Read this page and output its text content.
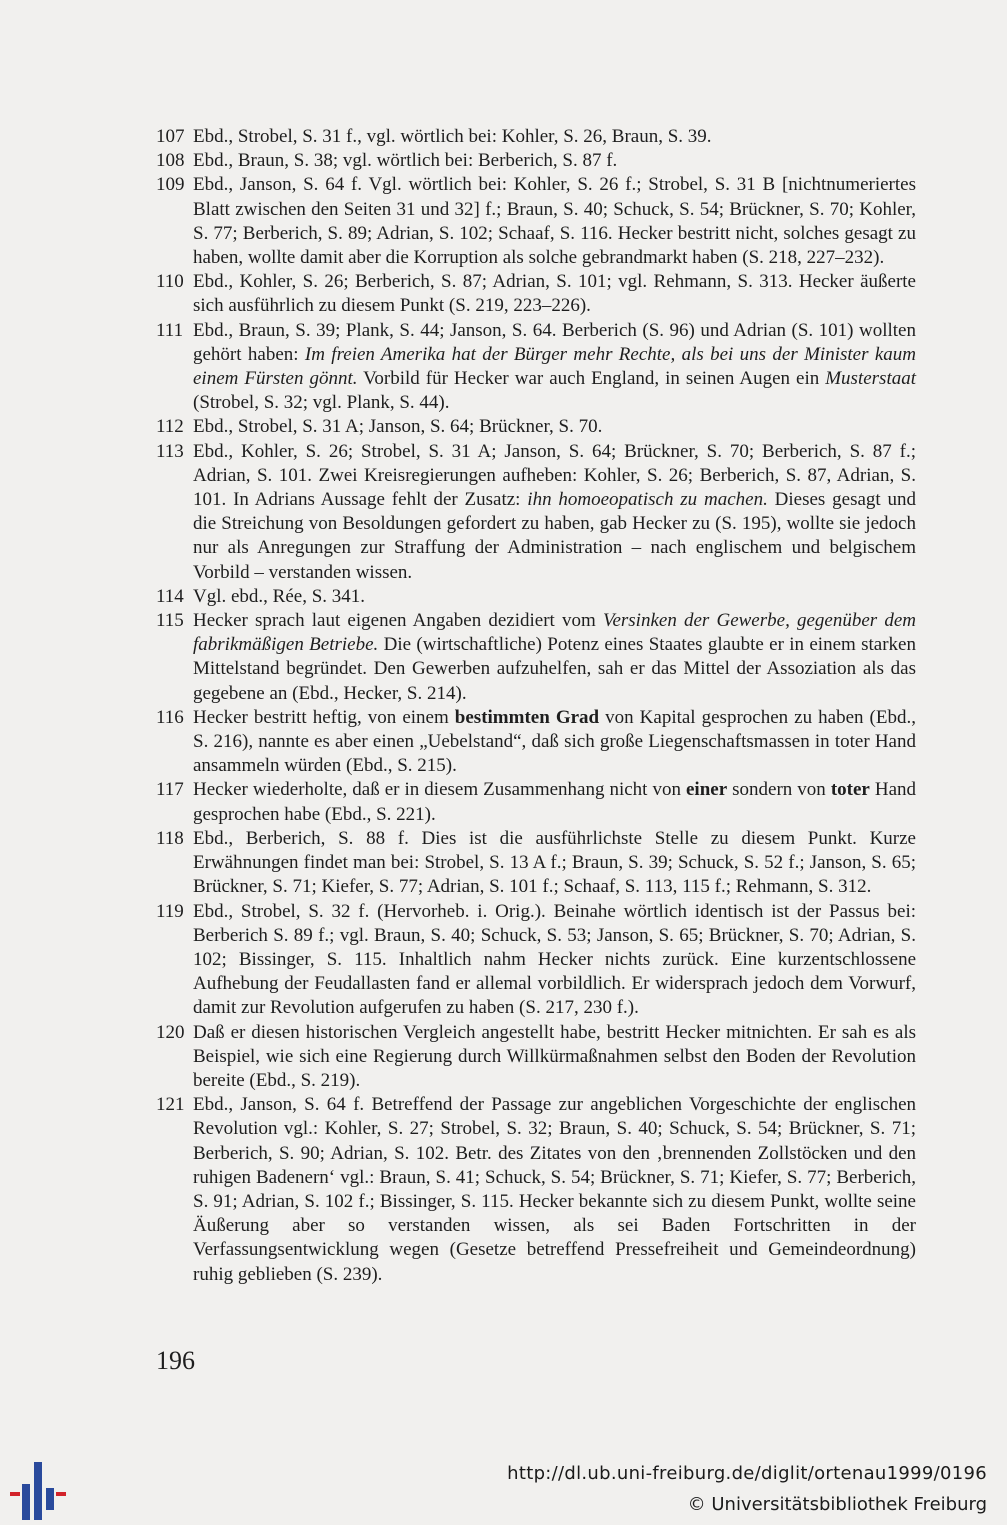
107 Ebd., Strobel, S. 31 f., vgl. wörtlich bei: Kohler, S. 26, Braun, S. 39.
108 Ebd., Braun, S. 38; vgl. wörtlich bei: Berberich, S. 87 f.
109 Ebd., Janson, S. 64 f. Vgl. wörtlich bei: Kohler, S. 26 f.; Strobel, S. 31 B [nichtnumeriertes Blatt zwischen den Seiten 31 und 32] f.; Braun, S. 40; Schuck, S. 54; Brückner, S. 70; Kohler, S. 77; Berberich, S. 89; Adrian, S. 102; Schaaf, S. 116. Hecker bestritt nicht, solches gesagt zu haben, wollte damit aber die Korruption als solche gebrandmarkt haben (S. 218, 227–232).
110 Ebd., Kohler, S. 26; Berberich, S. 87; Adrian, S. 101; vgl. Rehmann, S. 313. Hecker äußerte sich ausführlich zu diesem Punkt (S. 219, 223–226).
111 Ebd., Braun, S. 39; Plank, S. 44; Janson, S. 64. Berberich (S. 96) und Adrian (S. 101) wollten gehört haben: Im freien Amerika hat der Bürger mehr Rechte, als bei uns der Minister kaum einem Fürsten gönnt. Vorbild für Hecker war auch England, in seinen Augen ein Musterstaat (Strobel, S. 32; vgl. Plank, S. 44).
112 Ebd., Strobel, S. 31 A; Janson, S. 64; Brückner, S. 70.
113 Ebd., Kohler, S. 26; Strobel, S. 31 A; Janson, S. 64; Brückner, S. 70; Berberich, S. 87 f.; Adrian, S. 101. Zwei Kreisregierungen aufheben: Kohler, S. 26; Berberich, S. 87, Adrian, S. 101. In Adrians Aussage fehlt der Zusatz: ihn homoeopatisch zu machen. Dieses gesagt und die Streichung von Besoldungen gefordert zu haben, gab Hecker zu (S. 195), wollte sie jedoch nur als Anregungen zur Straffung der Administration – nach englischem und belgischem Vorbild – verstanden wissen.
114 Vgl. ebd., Rée, S. 341.
115 Hecker sprach laut eigenen Angaben dezidiert vom Versinken der Gewerbe, gegenüber dem fabrikmäßigen Betriebe. Die (wirtschaftliche) Potenz eines Staates glaubte er in einem starken Mittelstand begründet. Den Gewerben aufzuhelfen, sah er das Mittel der Assoziation als das gegebene an (Ebd., Hecker, S. 214).
116 Hecker bestritt heftig, von einem bestimmten Grad von Kapital gesprochen zu haben (Ebd., S. 216), nannte es aber einen „Uebelstand“, daß sich große Liegenschaftsmassen in toter Hand ansammeln würden (Ebd., S. 215).
117 Hecker wiederholte, daß er in diesem Zusammenhang nicht von einer sondern von toter Hand gesprochen habe (Ebd., S. 221).
118 Ebd., Berberich, S. 88 f. Dies ist die ausführlichste Stelle zu diesem Punkt. Kurze Erwähnungen findet man bei: Strobel, S. 13 A f.; Braun, S. 39; Schuck, S. 52 f.; Janson, S. 65; Brückner, S. 71; Kiefer, S. 77; Adrian, S. 101 f.; Schaaf, S. 113, 115 f.; Rehmann, S. 312.
119 Ebd., Strobel, S. 32 f. (Hervorheb. i. Orig.). Beinahe wörtlich identisch ist der Passus bei: Berberich S. 89 f.; vgl. Braun, S. 40; Schuck, S. 53; Janson, S. 65; Brückner, S. 70; Adrian, S. 102; Bissinger, S. 115. Inhaltlich nahm Hecker nichts zurück. Eine kurzentschlossene Aufhebung der Feudallasten fand er allemal vorbildlich. Er widersprach jedoch dem Vorwurf, damit zur Revolution aufgerufen zu haben (S. 217, 230 f.).
120 Daß er diesen historischen Vergleich angestellt habe, bestritt Hecker mitnichten. Er sah es als Beispiel, wie sich eine Regierung durch Willkürmaßnahmen selbst den Boden der Revolution bereite (Ebd., S. 219).
121 Ebd., Janson, S. 64 f. Betreffend der Passage zur angeblichen Vorgeschichte der englischen Revolution vgl.: Kohler, S. 27; Strobel, S. 32; Braun, S. 40; Schuck, S. 54; Brückner, S. 71; Berberich, S. 90; Adrian, S. 102. Betr. des Zitates von den ‚brennenden Zollstöcken und den ruhigen Badenern‘ vgl.: Braun, S. 41; Schuck, S. 54; Brückner, S. 71; Kiefer, S. 77; Berberich, S. 91; Adrian, S. 102 f.; Bissinger, S. 115. Hecker bekannte sich zu diesem Punkt, wollte seine Äußerung aber so verstanden wissen, als sei Baden Fortschritten in der Verfassungsentwicklung wegen (Gesetze betreffend Pressefreiheit und Gemeindeordnung) ruhig geblieben (S. 239).
196
http://dl.ub.uni-freiburg.de/diglit/ortenau1999/0196
© Universitätsbibliothek Freiburg
